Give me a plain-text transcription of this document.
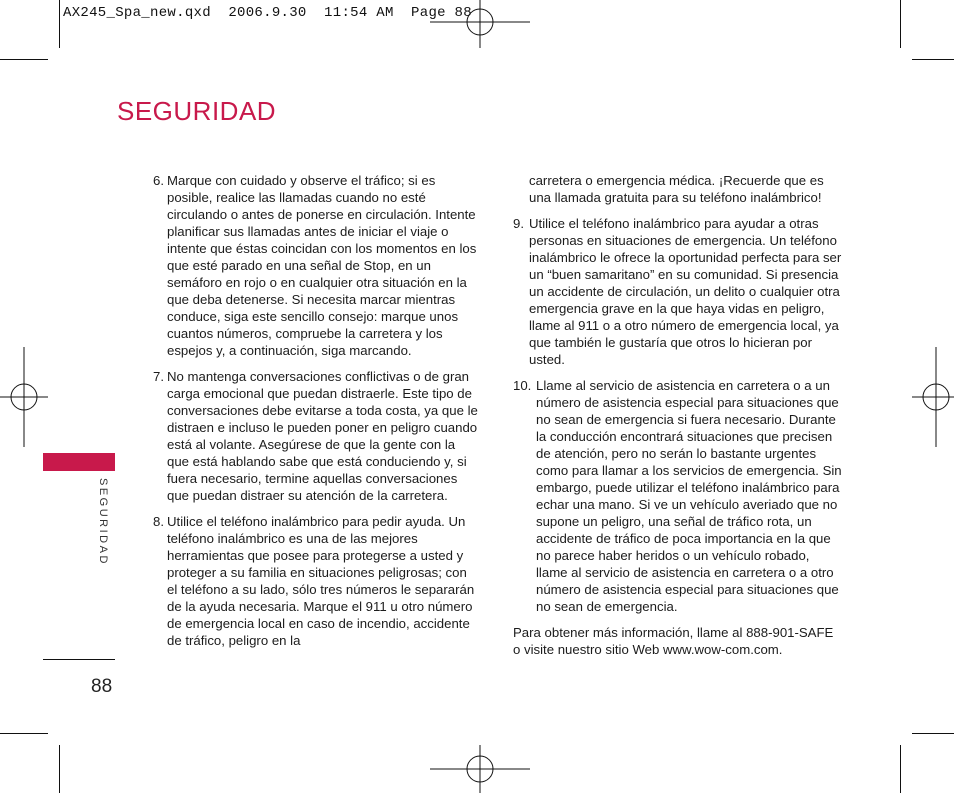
AX245_Spa_new.qxd  2006.9.30  11:54 AM  Page 88
SEGURIDAD
SEGURIDAD
88
6. Marque con cuidado y observe el tráfico; si es posible, realice las llamadas cuando no esté circulando o antes de ponerse en circulación. Intente planificar sus llamadas antes de iniciar el viaje o intente que éstas coincidan con los momentos en los que esté parado en una señal de Stop, en un semáforo en rojo o en cualquier otra situación en la que deba detenerse. Si necesita marcar mientras conduce, siga este sencillo consejo: marque unos cuantos números, compruebe la carretera y los espejos y, a continuación, siga marcando.
7. No mantenga conversaciones conflictivas o de gran carga emocional que puedan distraerle. Este tipo de conversaciones debe evitarse a toda costa, ya que le distraen e incluso le pueden poner en peligro cuando está al volante. Asegúrese de que la gente con la que está hablando sabe que está conduciendo y, si fuera necesario, termine aquellas conversaciones que puedan distraer su atención de la carretera.
8. Utilice el teléfono inalámbrico para pedir ayuda. Un teléfono inalámbrico es una de las mejores herramientas que posee para protegerse a usted y proteger a su familia en situaciones peligrosas; con el teléfono a su lado, sólo tres números le separarán de la ayuda necesaria. Marque el 911 u otro número de emergencia local en caso de incendio, accidente de tráfico, peligro en la

carretera o emergencia médica. ¡Recuerde que es una llamada gratuita para su teléfono inalámbrico!

9. Utilice el teléfono inalámbrico para ayudar a otras personas en situaciones de emergencia. Un teléfono inalámbrico le ofrece la oportunidad perfecta para ser un “buen samaritano” en su comunidad. Si presencia un accidente de circulación, un delito o cualquier otra emergencia grave en la que haya vidas en peligro, llame al 911 o a otro número de emergencia local, ya que también le gustaría que otros lo hicieran por usted.
10. Llame al servicio de asistencia en carretera o a un número de asistencia especial para situaciones que no sean de emergencia si fuera necesario. Durante la conducción encontrará situaciones que precisen de atención, pero no serán lo bastante urgentes como para llamar a los servicios de emergencia. Sin embargo, puede utilizar el teléfono inalámbrico para echar una mano. Si ve un vehículo averiado que no supone un peligro, una señal de tráfico rota, un accidente de tráfico de poca importancia en la que no parece haber heridos o un vehículo robado, llame al servicio de asistencia en carretera o a otro número de asistencia especial para situaciones que no sean de emergencia.

Para obtener más información, llame al 888-901-SAFE o visite nuestro sitio Web www.wow-com.com.
